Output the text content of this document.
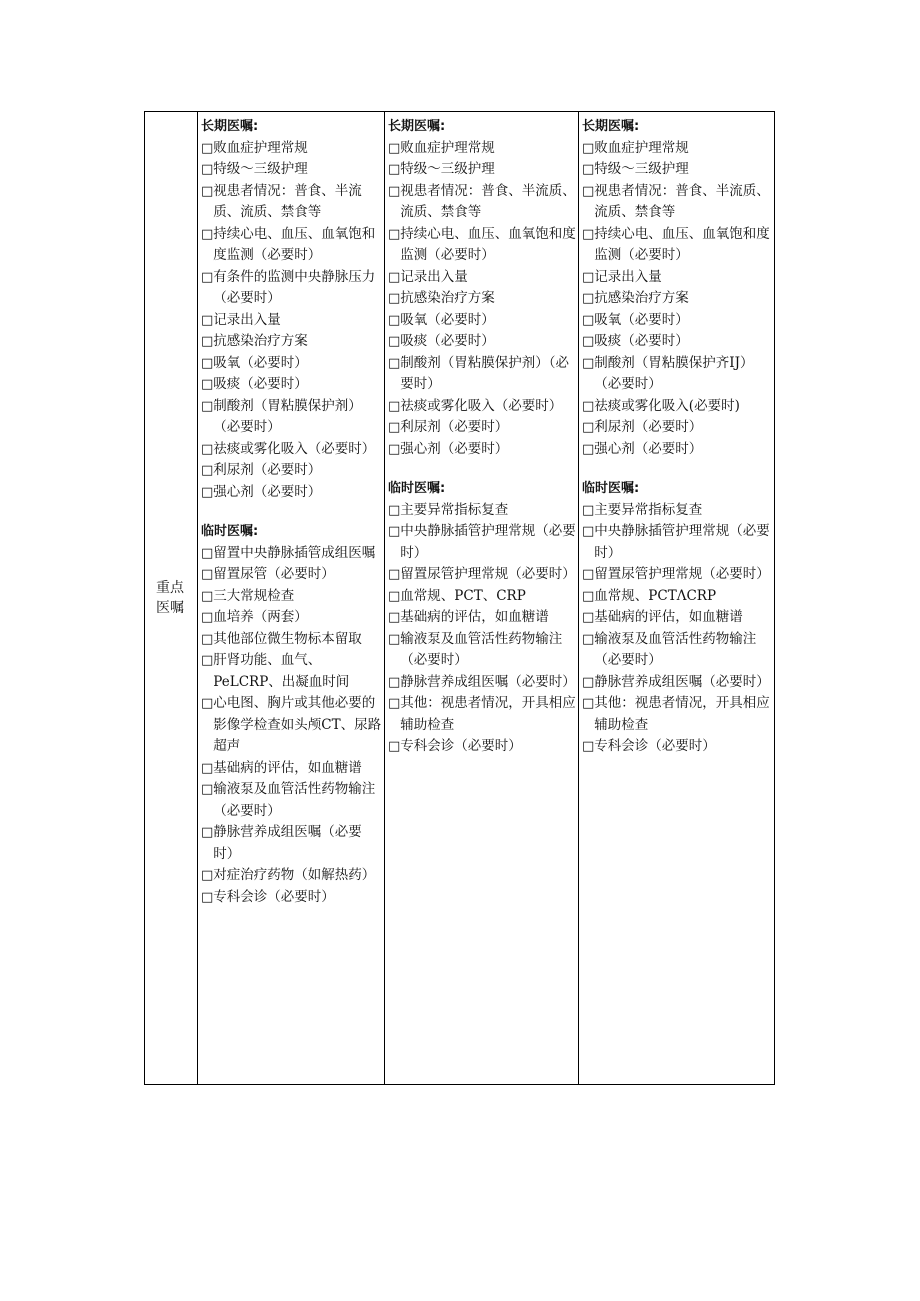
重点医嘱
长期医嘱:
□ 败血症护理常规
□ 特级～三级护理
□ 视患者情况：普食、半流质、流质、禁食等
□ 持续心电、血压、血氧饱和度监测（必要时）
□ 有条件的监测中央静脉压力（必要时）
□ 记录出入量
□ 抗感染治疗方案
□ 吸氧（必要时）
□ 吸痰（必要时）
□ 制酸剂（胃粘膜保护剂）（必要时）
□ 祛痰或雾化吸入（必要时）
□ 利尿剂（必要时）
□ 强心剂（必要时）
临时医嘱:
□ 留置中央静脉插管成组医嘱
□ 留置尿管（必要时）
□ 三大常规检查
□ 血培养（两套）
□ 其他部位微生物标本留取
□ 肝肾功能、血气、PeLCRP、出凝血时间
□ 心电图、胸片或其他必要的影像学检查如头颅CT、尿路超声
□ 基础病的评估，如血糖谱
□ 输液泵及血管活性药物输注（必要时）
□ 静脉营养成组医嘱（必要时）
□ 对症治疗药物（如解热药）
□ 专科会诊（必要时）
长期医嘱:
□ 败血症护理常规
□ 特级～三级护理
□ 视患者情况：普食、半流质、流质、禁食等
□ 持续心电、血压、血氧饱和度监测（必要时）
□ 记录出入量
□ 抗感染治疗方案
□ 吸氧（必要时）
□ 吸痰（必要时）
□ 制酸剂（胃粘膜保护剂）（必要时）
□ 祛痰或雾化吸入（必要时）
□ 利尿剂（必要时）
□ 强心剂（必要时）
临时医嘱:
□ 主要异常指标复查
□ 中央静脉插管护理常规（必要时）
□ 留置尿管护理常规（必要时）
□ 血常规、PCT、CRP
□ 基础病的评估，如血糖谱
□ 输液泵及血管活性药物输注（必要时）
□ 静脉营养成组医嘱（必要时）
□ 其他：视患者情况，开具相应辅助检查
□ 专科会诊（必要时）
长期医嘱:
□ 败血症护理常规
□ 特级～三级护理
□ 视患者情况：普食、半流质、流质、禁食等
□ 持续心电、血压、血氧饱和度监测（必要时）
□ 记录出入量
□ 抗感染治疗方案
□ 吸氧（必要时）
□ 吸痰（必要时）
□ 制酸剂（胃粘膜保护齐IJ）（必要时）
□ 祛痰或雾化吸入(必要时)
□ 利尿剂（必要时）
□ 强心剂（必要时）
临时医嘱:
□ 主要异常指标复查
□ 中央静脉插管护理常规（必要时）
□ 留置尿管护理常规（必要时）
□ 血常规、PCTΛCRP
□ 基础病的评估，如血糖谱
□ 输液泵及血管活性药物输注（必要时）
□ 静脉营养成组医嘱（必要时）
□ 其他：视患者情况，开具相应辅助检查
□ 专科会诊（必要时）
